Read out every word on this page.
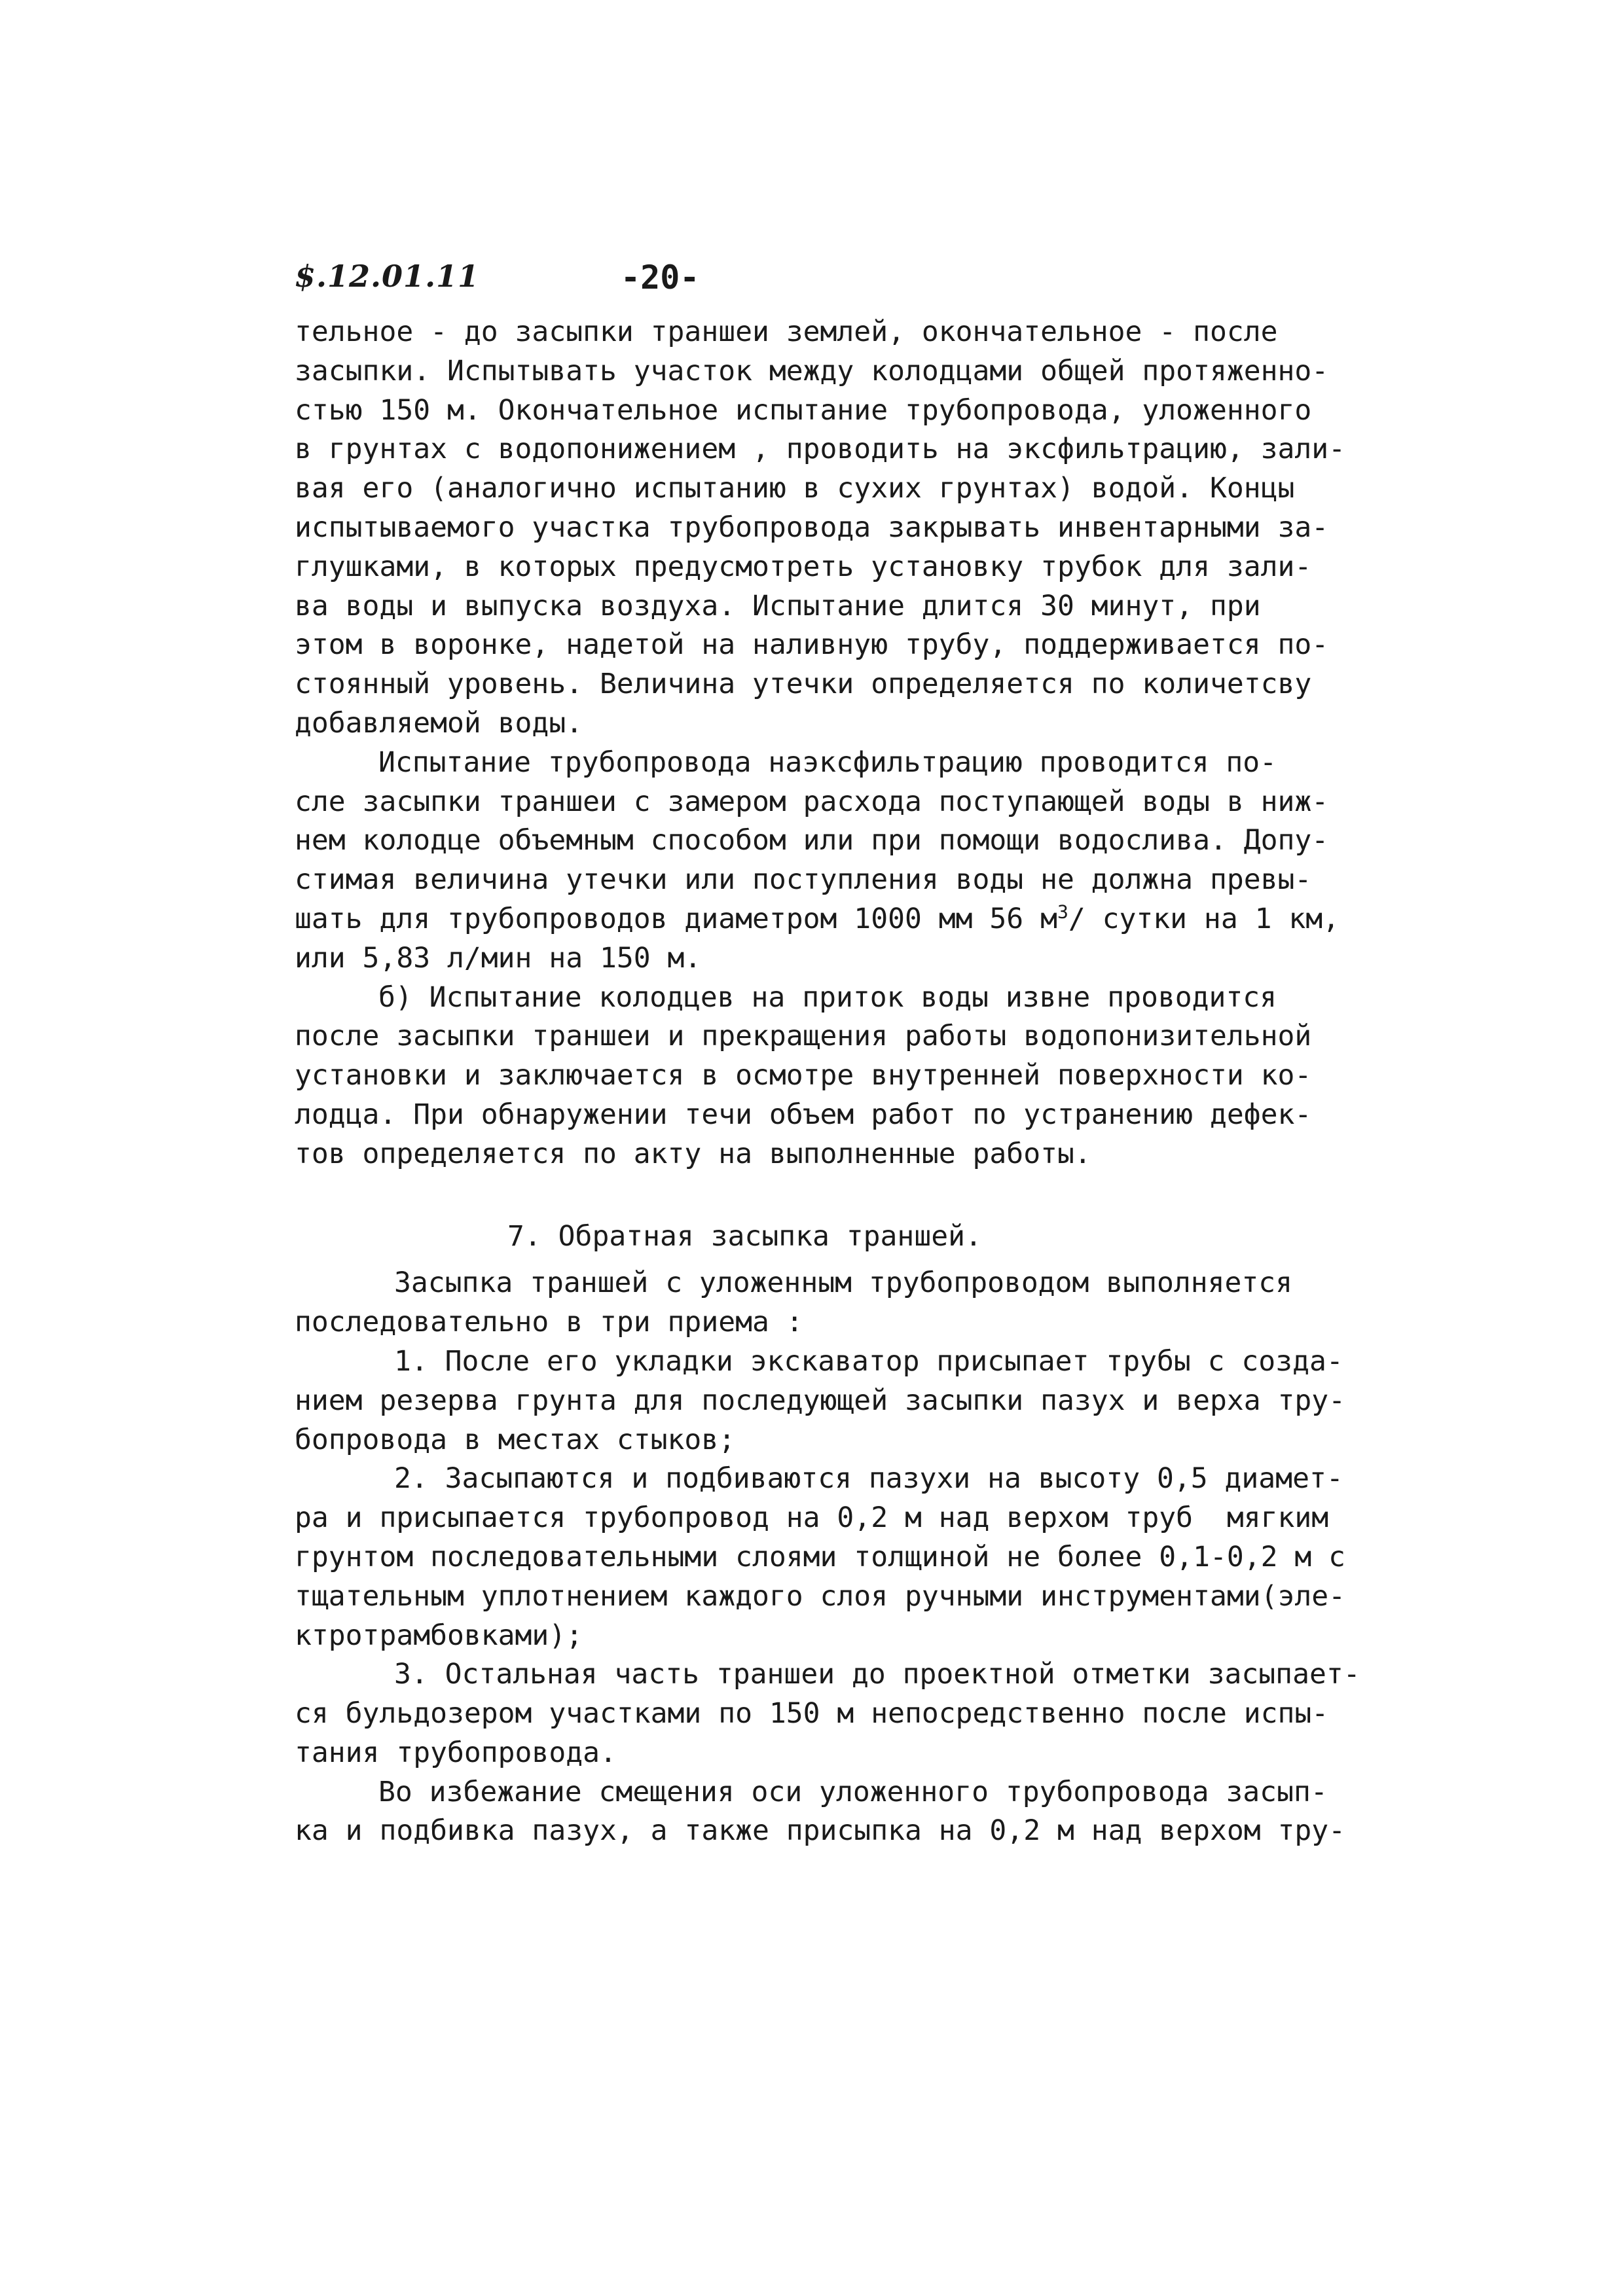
$.12.01.11	-20-
тельное - до засыпки траншеи землей, окончательное - после
засыпки. Испытывать участок между колодцами общей протяженно-
стью 150 м. Окончательное испытание трубопровода, уложенного
в грунтах с водопонижением , проводить на эксфильтрацию, зали-
вая его (аналогично испытанию в сухих грунтах) водой. Концы
испытываемого участка трубопровода закрывать инвентарными за-
глушками, в которых предусмотреть установку трубок для зали-
ва воды и выпуска воздуха. Испытание длится 30 минут, при
этом в воронке, надетой на наливную трубу, поддерживается по-
стоянный уровень. Величина утечки определяется по количетсву
добавляемой воды.
Испытание трубопровода наэксфильтрацию проводится по-
сле засыпки траншеи с замером расхода поступающей воды в ниж-
нем колодце объемным способом или при помощи водослива. Допу-
стимая величина утечки или поступления воды не должна превы-
шать для трубопроводов диаметром 1000 мм 56 $м^3/$ сутки на 1 км,
или 5,83 л/мин на 150 м.
б) Испытание колодцев на приток воды извне проводится
после засыпки траншеи и прекращения работы водопонизительной
установки и заключается в осмотре внутренней поверхности ко-
лодца. При обнаружении течи объем работ по устранению дефек-
тов определяется по акту на выполненные работы.
7. Обратная засыпка траншей.
Засыпка траншей с уложенным трубопроводом выполняется
последовательно в три приема :
1. После его укладки экскаватор присыпает трубы с созда-
нием резерва грунта для последующей засыпки пазух и верха тру-
бопровода в местах стыков;
2. Засыпаются и подбиваются пазухи на высоту 0,5 диамет-
ра и присыпается трубопровод на 0,2 м над верхом труб  мягким
грунтом последовательными слоями толщиной не более 0,1-0,2 м с
тщательным уплотнением каждого слоя ручными инструментами(эле-
ктротрамбовками);
3. Остальная часть траншеи до проектной отметки засыпает-
ся бульдозером участками по 150 м непосредственно после испы-
тания трубопровода.
Во избежание смещения оси уложенного трубопровода засып-
ка и подбивка пазух, а также присыпка на 0,2 м над верхом тру-
